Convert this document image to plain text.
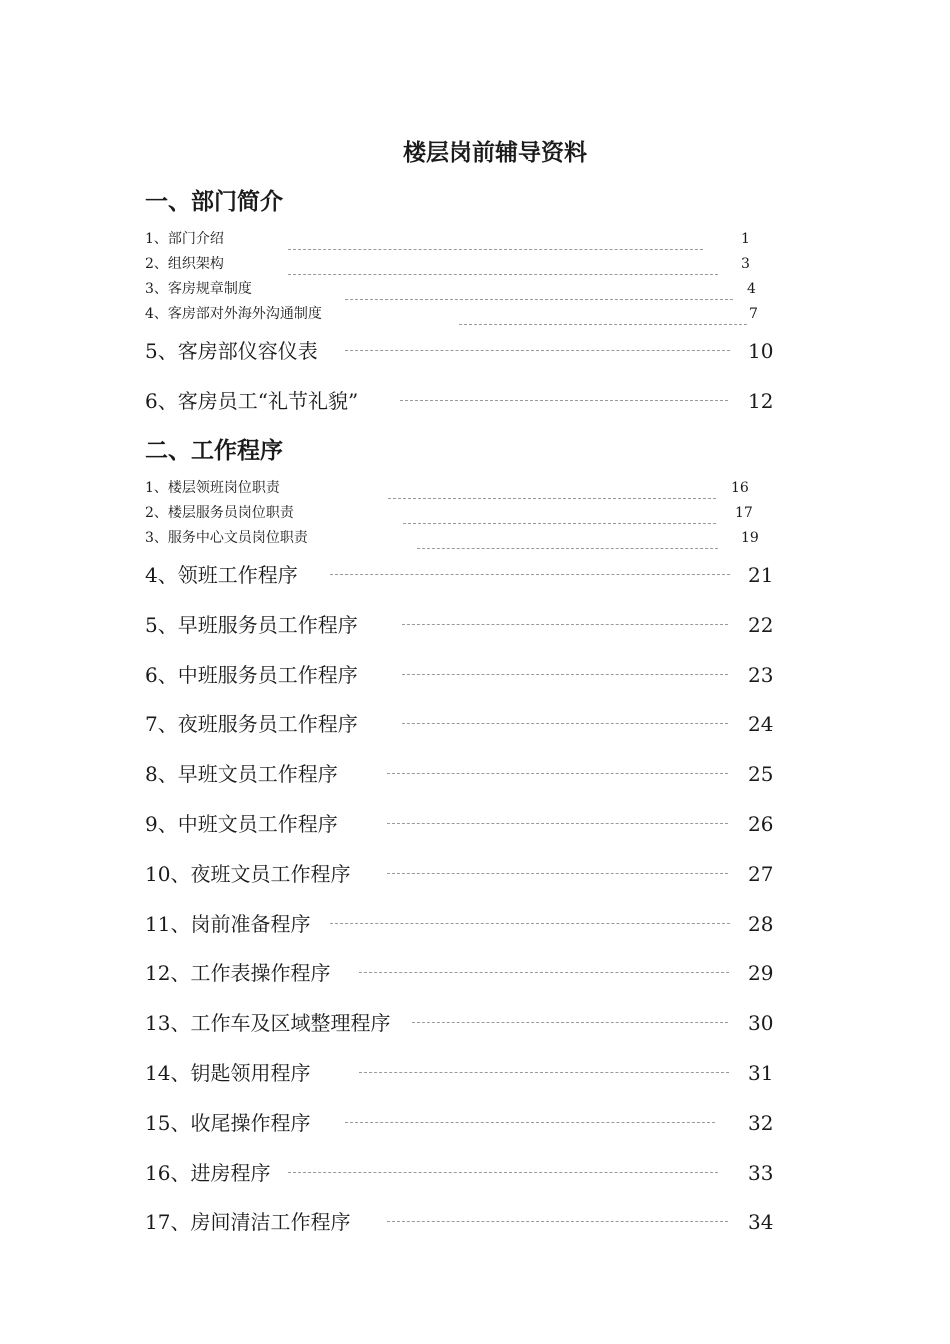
楼层岗前辅导资料
一、部门简介
1、部门介绍	1
2、组织架构	3
3、客房规章制度	4
4、客房部对外海外沟通制度	7
5、客房部仪容仪表	10
6、客房员工“礼节礼貌”	12
二、工作程序
1、楼层领班岗位职责	16
2、楼层服务员岗位职责	17
3、服务中心文员岗位职责	19
4、领班工作程序	21
5、早班服务员工作程序	22
6、中班服务员工作程序	23
7、夜班服务员工作程序	24
8、早班文员工作程序	25
9、中班文员工作程序	26
10、夜班文员工作程序	27
11、岗前准备程序	28
12、工作表操作程序	29
13、工作车及区域整理程序	30
14、钥匙领用程序	31
15、收尾操作程序	32
16、进房程序	33
17、房间清洁工作程序	34
